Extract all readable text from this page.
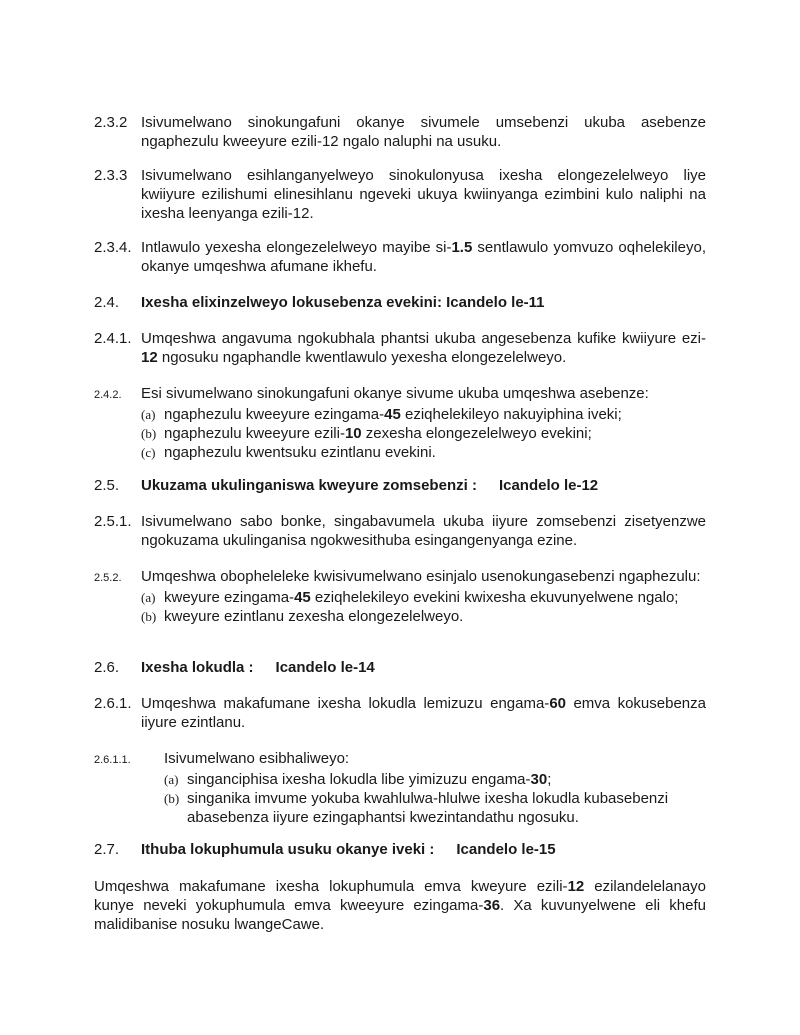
2.3.2 Isivumelwano sinokungafuni okanye sivumele umsebenzi ukuba asebenze ngaphezulu kweeyure ezili-12 ngalo naluphi na usuku.
2.3.3 Isivumelwano esihlanganyelweyo sinokulonyusa ixesha elongezelelweyo liye kwiiyure ezilishumi elinesihlanu ngeveki ukuya kwiinyanga ezimbini kulo naliphi na ixesha leenyanga ezili-12.
2.3.4. Intlawulo yexesha elongezelelweyo mayibe si-1.5 sentlawulo yomvuzo oqhelekileyo, okanye umqeshwa afumane ikhefu.
2.4.	Ixesha elixinzelweyo lokusebenza evekini: Icandelo le-11
2.4.1. Umqeshwa angavuma ngokubhala phantsi ukuba angesebenza kufike kwiiyure ezi-12 ngosuku ngaphandle kwentlawulo yexesha elongezelelweyo.
2.4.2.	Esi sivumelwano sinokungafuni okanye sivume ukuba umqeshwa asebenze:
(a) ngaphezulu kweeyure ezingama-45 eziqhelekileyo nakuyiphina iveki;
(b) ngaphezulu kweeyure ezili-10 zexesha elongezelelweyo evekini;
(c) ngaphezulu kwentsuku ezintlanu evekini.
2.5.	Ukuzama ukulinganiswa kweyure zomsebenzi : Icandelo le-12
2.5.1. Isivumelwano sabo bonke, singabavumela ukuba iiyure zomsebenzi zisetyenzwe ngokuzama ukulinganisa ngokwesithuba esingangenyanga ezine.
2.5.2.	Umqeshwa obopheleleke kwisivumelwano esinjalo usenokungasebenzi ngaphezulu:
(a) kweyure ezingama-45 eziqhelekileyo evekini kwixesha ekuvunyelwene ngalo;
(b) kweyure ezintlanu zexesha elongezelelweyo.
2.6.	Ixesha lokudla : Icandelo le-14
2.6.1. Umqeshwa makafumane ixesha lokudla lemizuzu engama-60 emva kokusebenza iiyure ezintlanu.
2.6.1.1.	Isivumelwano esibhaliweyo:
(a) singanciphisa ixesha lokudla libe yimizuzu engama-30;
(b) singanika imvume yokuba kwahlulwa-hlulwe ixesha lokudla kubasebenzi abasebenza iiyure ezingaphantsi kwezintandathu ngosuku.
2.7.	Ithuba lokuphumula usuku okanye iveki : Icandelo le-15
Umqeshwa makafumane ixesha lokuphumula emva kweyure ezili-12 ezilandelelanayo kunye neveki yokuphumula emva kweeyure ezingama-36. Xa kuvunyelwene eli khefu malidibanise nosuku lwangeCawe.
